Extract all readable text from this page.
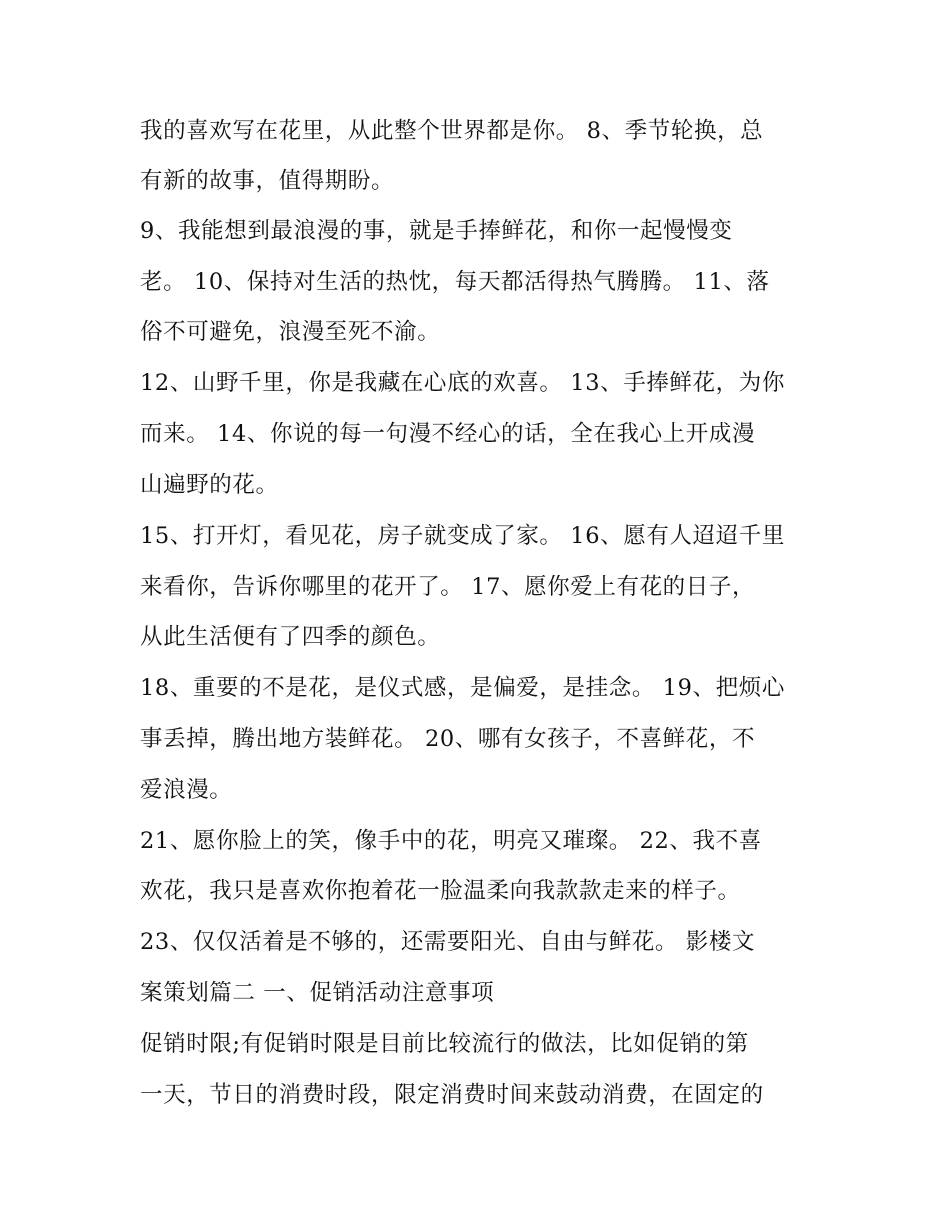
我的喜欢写在花里，从此整个世界都是你。 8、季节轮换，总
有新的故事，值得期盼。
9、我能想到最浪漫的事，就是手捧鲜花，和你一起慢慢变
老。 10、保持对生活的热忱，每天都活得热气腾腾。 11、落
俗不可避免，浪漫至死不渝。
12、山野千里，你是我藏在心底的欢喜。 13、手捧鲜花，为你
而来。 14、你说的每一句漫不经心的话，全在我心上开成漫
山遍野的花。
15、打开灯，看见花，房子就变成了家。 16、愿有人迢迢千里
来看你，告诉你哪里的花开了。 17、愿你爱上有花的日子，
从此生活便有了四季的颜色。
18、重要的不是花，是仪式感，是偏爱，是挂念。 19、把烦心
事丢掉，腾出地方装鲜花。 20、哪有女孩子，不喜鲜花，不
爱浪漫。
21、愿你脸上的笑，像手中的花，明亮又璀璨。 22、我不喜
欢花，我只是喜欢你抱着花一脸温柔向我款款走来的样子。
23、仅仅活着是不够的，还需要阳光、自由与鲜花。 影楼文
案策划篇二 一、促销活动注意事项
促销时限;有促销时限是目前比较流行的做法，比如促销的第
一天，节日的消费时段，限定消费时间来鼓动消费，在固定的
